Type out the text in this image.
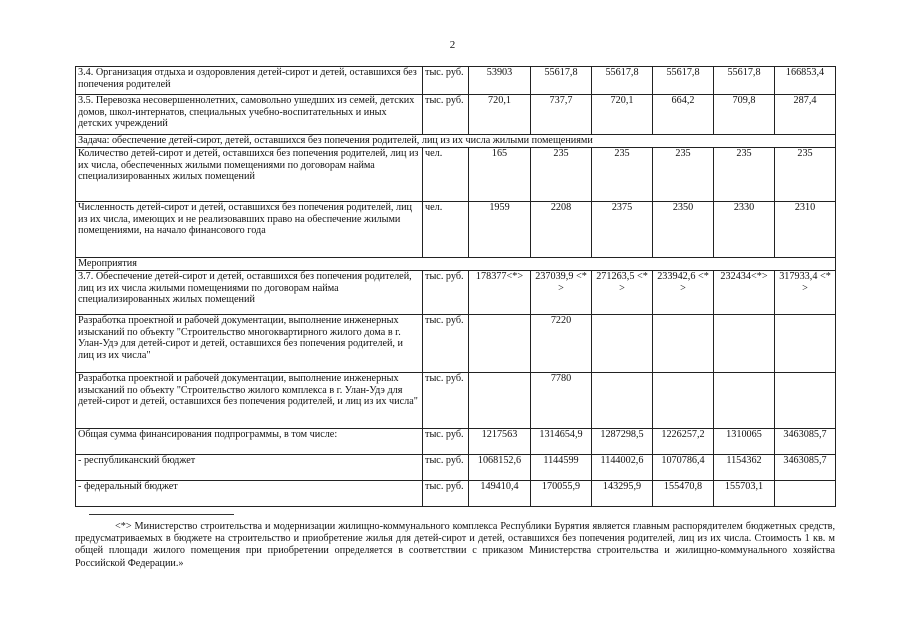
2
3.4. Организация отдыха и оздоровления детей-сирот и детей, оставшихся без попечения родителей	тыс. руб.	53903	55617,8	55617,8	55617,8	55617,8	166853,4
3.5. Перевозка несовершеннолетних, самовольно ушедших из семей, детских домов, школ-интернатов, специальных учебно-воспитательных и иных детских учреждений	тыс. руб.	720,1	737,7	720,1	664,2	709,8	287,4
Задача: обеспечение детей-сирот, детей, оставшихся без попечения родителей, лиц из их числа жилыми помещениями							
Количество детей-сирот и детей, оставшихся без попечения родителей, лиц из их числа, обеспеченных жилыми помещениями по договорам найма специализированных жилых помещений	чел.	165	235	235	235	235	235
Численность детей-сирот и детей, оставшихся без попечения родителей, лиц из их числа, имеющих и не реализовавших право на обеспечение жилыми помещениями, на начало финансового года	чел.	1959	2208	2375	2350	2330	2310
Мероприятия							
3.7. Обеспечение детей-сирот и детей, оставшихся без попечения родителей, лиц из их числа жилыми помещениями по договорам найма специализированных жилых помещений	тыс. руб.	178377<*>	237039,9 <*>	271263,5 <*>	233942,6 <*>	232434<*>	317933,4 <*>
Разработка проектной и рабочей документации, выполнение инженерных изысканий по объекту "Строительство многоквартирного жилого дома в г. Улан-Удэ для детей-сирот и детей, оставшихся без попечения родителей, и лиц из их числа"	тыс. руб.		7220				
Разработка проектной и рабочей документации, выполнение инженерных изысканий по объекту "Строительство жилого комплекса в г. Улан-Удэ для детей-сирот и детей, оставшихся без попечения родителей, и лиц из их числа"	тыс. руб.		7780				
Общая сумма финансирования подпрограммы, в том числе:	тыс. руб.	1217563	1314654,9	1287298,5	1226257,2	1310065	3463085,7
- республиканский бюджет	тыс. руб.	1068152,6	1144599	1144002,6	1070786,4	1154362	3463085,7
- федеральный бюджет	тыс. руб.	149410,4	170055,9	143295,9	155470,8	155703,1	
<*> Министерство строительства и модернизации жилищно-коммунального комплекса Республики Бурятия является главным распорядителем бюджетных средств, предусматриваемых в бюджете на строительство и приобретение жилья для детей-сирот и детей, оставшихся без попечения родителей, лиц из их числа. Стоимость 1 кв. м общей площади жилого помещения при приобретении определяется в соответствии с приказом Министерства строительства и жилищно-коммунального хозяйства Российской Федерации.»
